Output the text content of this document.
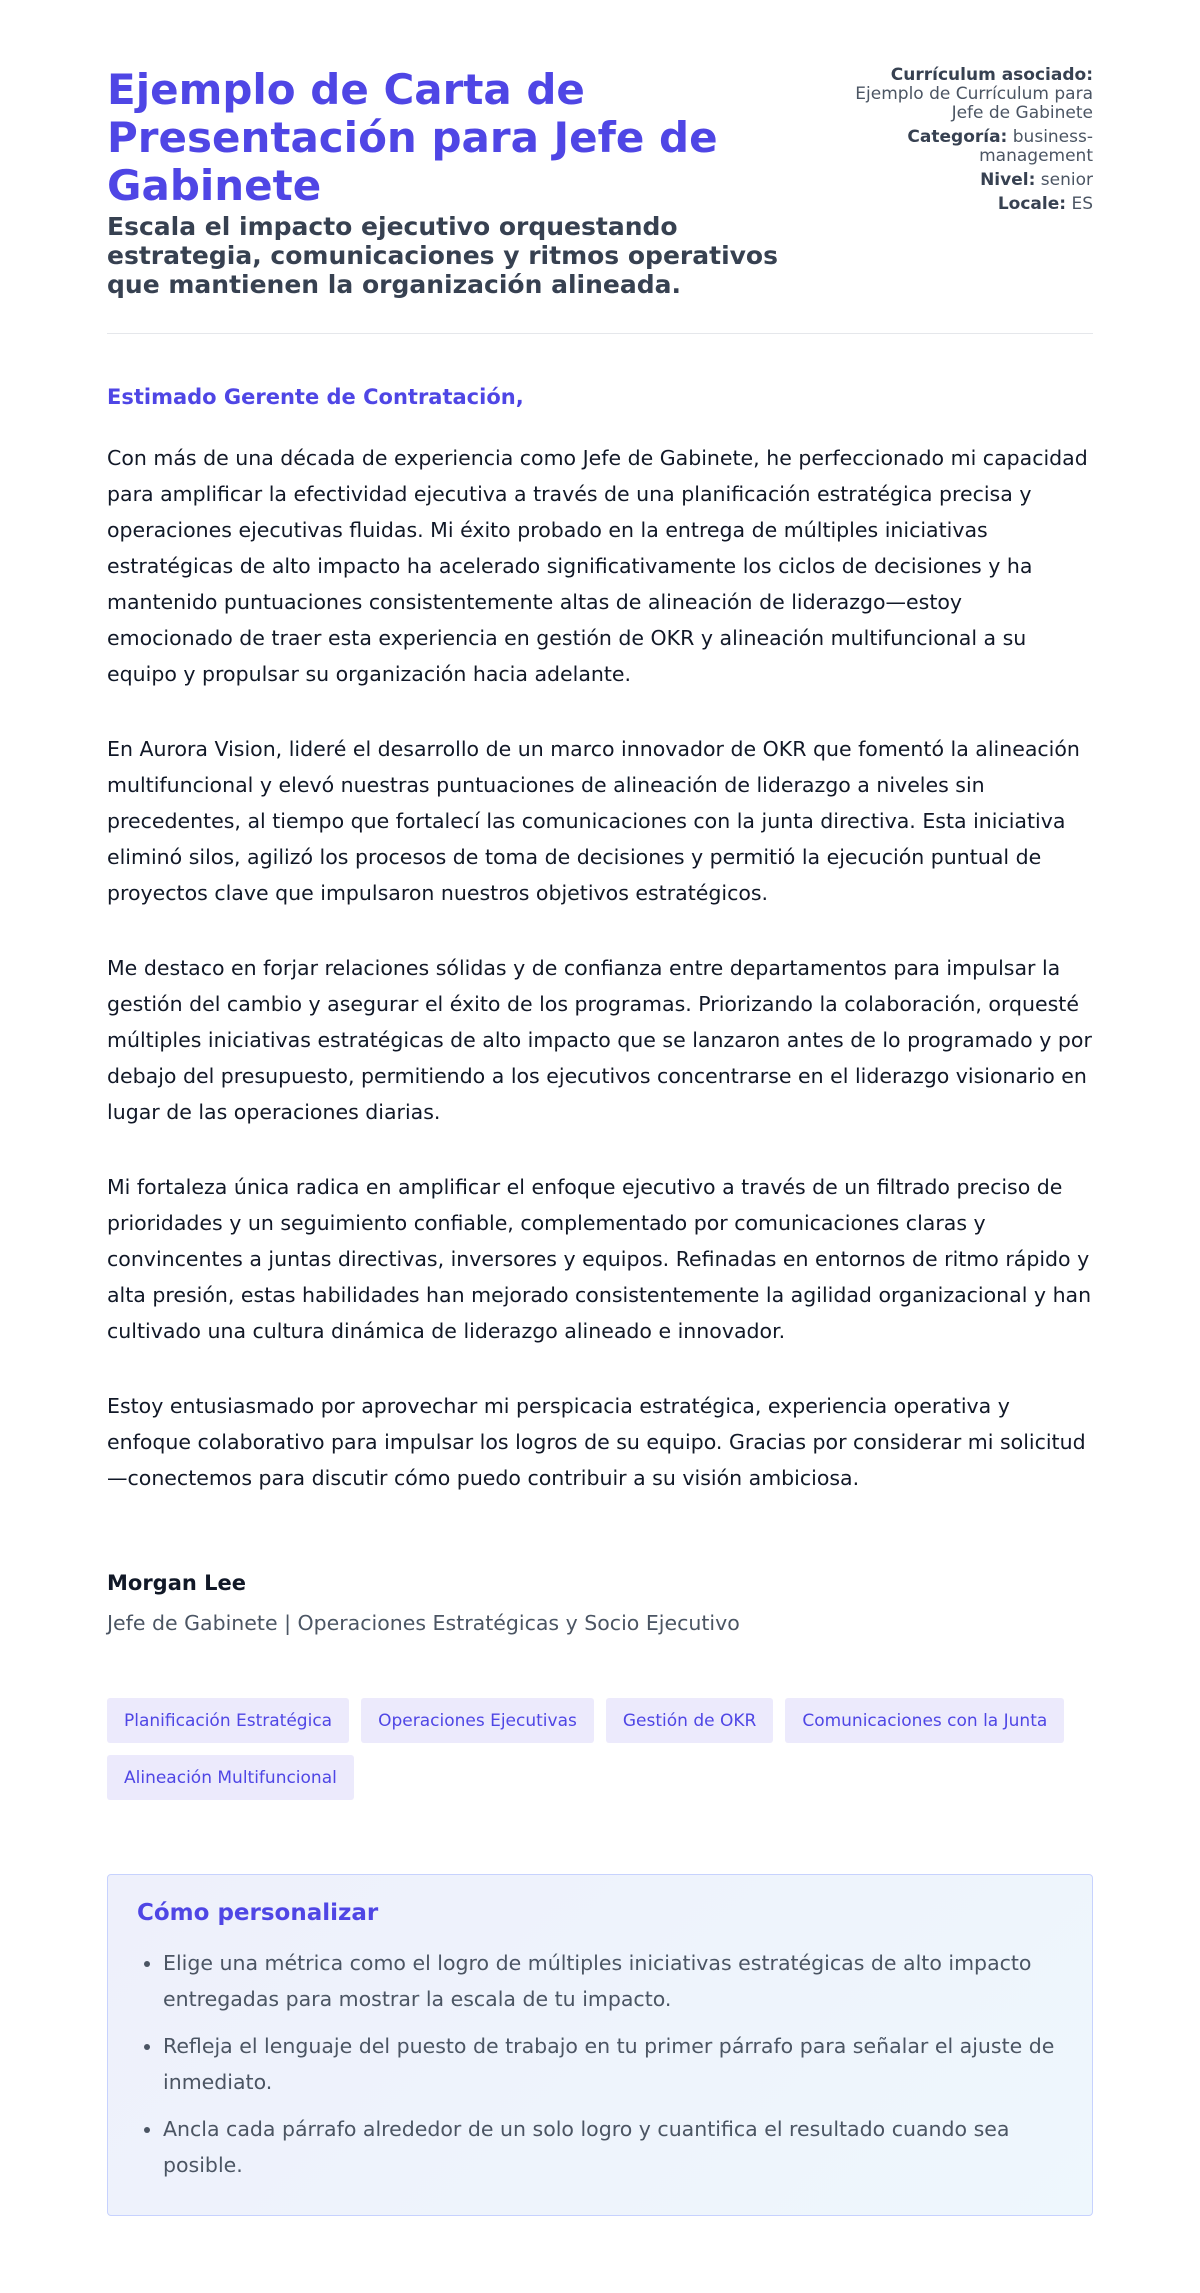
Ejemplo de Carta de Presentación para Jefe de Gabinete
Escala el impacto ejecutivo orquestando estrategia, comunicaciones y ritmos operativos que mantienen la organización alineada.
Currículum asociado:
Ejemplo de Currículum para Jefe de Gabinete
Categoría: business-management
Nivel: senior
Locale: ES

Estimado Gerente de Contratación,

Con más de una década de experiencia como Jefe de Gabinete, he perfeccionado mi capacidad para amplificar la efectividad ejecutiva a través de una planificación estratégica precisa y operaciones ejecutivas fluidas. Mi éxito probado en la entrega de múltiples iniciativas estratégicas de alto impacto ha acelerado significativamente los ciclos de decisiones y ha mantenido puntuaciones consistentemente altas de alineación de liderazgo—estoy emocionado de traer esta experiencia en gestión de OKR y alineación multifuncional a su equipo y propulsar su organización hacia adelante.

En Aurora Vision, lideré el desarrollo de un marco innovador de OKR que fomentó la alineación multifuncional y elevó nuestras puntuaciones de alineación de liderazgo a niveles sin precedentes, al tiempo que fortalecí las comunicaciones con la junta directiva. Esta iniciativa eliminó silos, agilizó los procesos de toma de decisiones y permitió la ejecución puntual de proyectos clave que impulsaron nuestros objetivos estratégicos.

Me destaco en forjar relaciones sólidas y de confianza entre departamentos para impulsar la gestión del cambio y asegurar el éxito de los programas. Priorizando la colaboración, orquesté múltiples iniciativas estratégicas de alto impacto que se lanzaron antes de lo programado y por debajo del presupuesto, permitiendo a los ejecutivos concentrarse en el liderazgo visionario en lugar de las operaciones diarias.

Mi fortaleza única radica en amplificar el enfoque ejecutivo a través de un filtrado preciso de prioridades y un seguimiento confiable, complementado por comunicaciones claras y convincentes a juntas directivas, inversores y equipos. Refinadas en entornos de ritmo rápido y alta presión, estas habilidades han mejorado consistentemente la agilidad organizacional y han cultivado una cultura dinámica de liderazgo alineado e innovador.

Estoy entusiasmado por aprovechar mi perspicacia estratégica, experiencia operativa y enfoque colaborativo para impulsar los logros de su equipo. Gracias por considerar mi solicitud—conectemos para discutir cómo puedo contribuir a su visión ambiciosa.

Morgan Lee
Jefe de Gabinete | Operaciones Estratégicas y Socio Ejecutivo
Planificación Estratégica	Operaciones Ejecutivas	Gestión de OKR	Comunicaciones con la Junta
Alineación Multifuncional
Cómo personalizar
• Elige una métrica como el logro de múltiples iniciativas estratégicas de alto impacto entregadas para mostrar la escala de tu impacto.
• Refleja el lenguaje del puesto de trabajo en tu primer párrafo para señalar el ajuste de inmediato.
• Ancla cada párrafo alrededor de un solo logro y cuantifica el resultado cuando sea posible.
